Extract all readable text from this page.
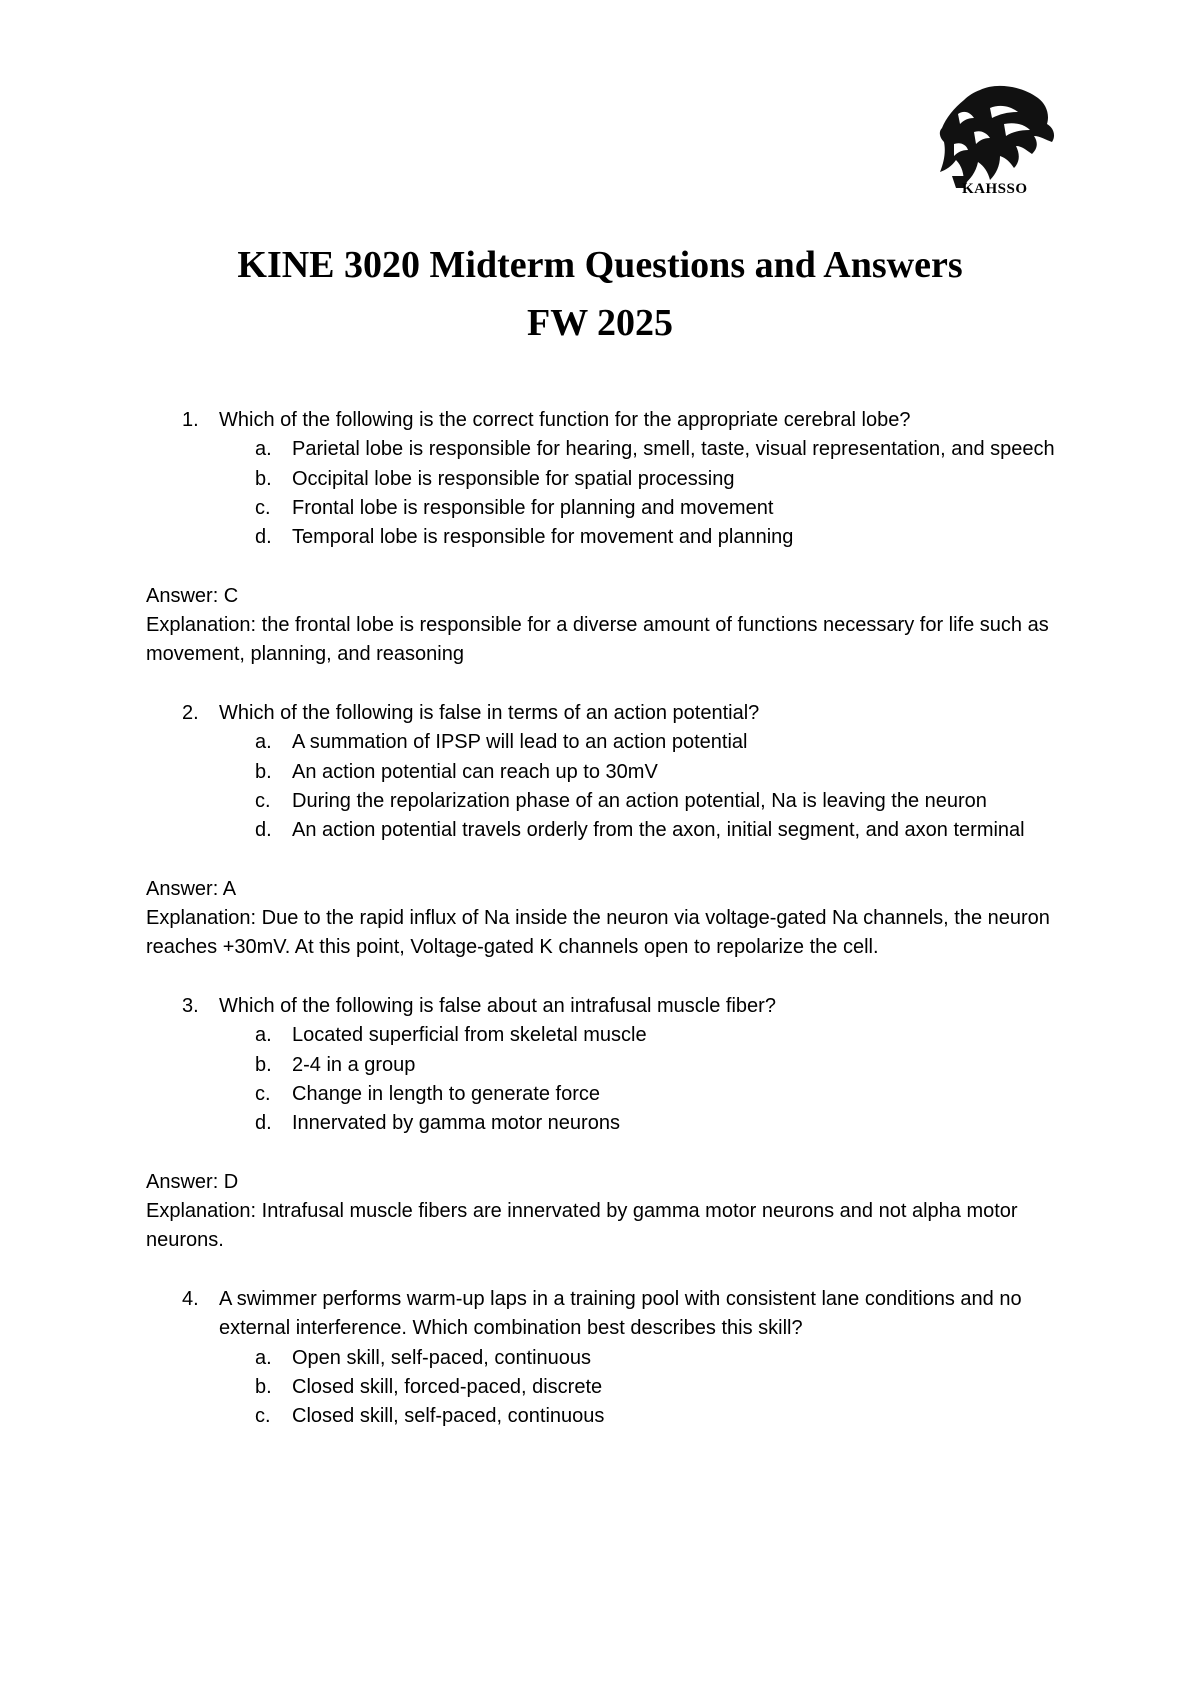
KAHSSO
KINE 3020 Midterm Questions and Answers
FW 2025
1. Which of the following is the correct function for the appropriate cerebral lobe?
a. Parietal lobe is responsible for hearing, smell, taste, visual representation, and speech
b. Occipital lobe is responsible for spatial processing
c. Frontal lobe is responsible for planning and movement
d. Temporal lobe is responsible for movement and planning

Answer: C

Explanation: the frontal lobe is responsible for a diverse amount of functions necessary for life such as movement, planning, and reasoning

2. Which of the following is false in terms of an action potential?
a. A summation of IPSP will lead to an action potential
b. An action potential can reach up to 30mV
c. During the repolarization phase of an action potential, Na is leaving the neuron
d. An action potential travels orderly from the axon, initial segment, and axon terminal

Answer: A

Explanation: Due to the rapid influx of Na inside the neuron via voltage-gated Na channels, the neuron reaches +30mV. At this point, Voltage-gated K channels open to repolarize the cell.

3. Which of the following is false about an intrafusal muscle fiber?
a. Located superficial from skeletal muscle
b. 2-4 in a group
c. Change in length to generate force
d. Innervated by gamma motor neurons

Answer: D

Explanation: Intrafusal muscle fibers are innervated by gamma motor neurons and not alpha motor neurons.

4. A swimmer performs warm-up laps in a training pool with consistent lane conditions and no external interference. Which combination best describes this skill?
a. Open skill, self-paced, continuous
b. Closed skill, forced-paced, discrete
c. Closed skill, self-paced, continuous
